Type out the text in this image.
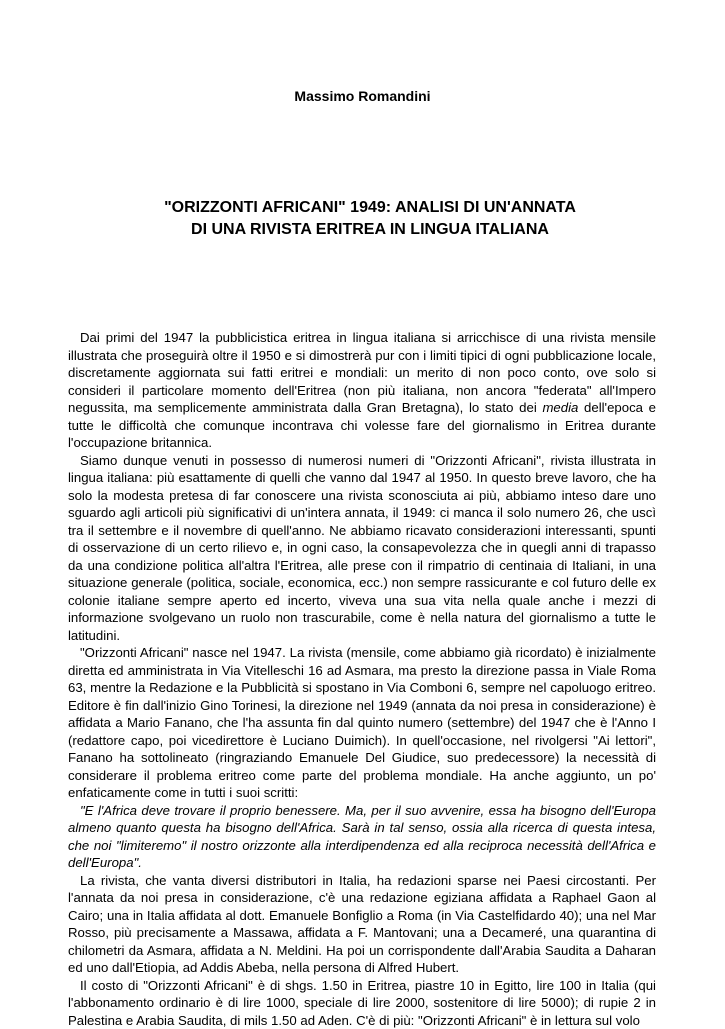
Massimo Romandini
"ORIZZONTI AFRICANI" 1949: ANALISI DI UN'ANNATA
DI UNA RIVISTA ERITREA IN LINGUA ITALIANA

Dai primi del 1947 la pubblicistica eritrea in lingua italiana si arricchisce di una rivista mensile illustrata che proseguirà oltre il 1950 e si dimostrerà pur con i limiti tipici di ogni pubblicazione locale, discretamente aggiornata sui fatti eritrei e mondiali: un merito di non poco conto, ove solo si consideri il particolare momento dell'Eritrea (non più italiana, non ancora "federata" all'Impero negussita, ma semplicemente amministrata dalla Gran Bretagna), lo stato dei media dell'epoca e tutte le difficoltà che comunque incontrava chi volesse fare del giornalismo in Eritrea durante l'occupazione britannica.

Siamo dunque venuti in possesso di numerosi numeri di "Orizzonti Africani", rivista illustrata in lingua italiana: più esattamente di quelli che vanno dal 1947 al 1950. In questo breve lavoro, che ha solo la modesta pretesa di far conoscere una rivista sconosciuta ai più, abbiamo inteso dare uno sguardo agli articoli più significativi di un'intera annata, il 1949: ci manca il solo numero 26, che uscì tra il settembre e il novembre di quell'anno. Ne abbiamo ricavato considerazioni interessanti, spunti di osservazione di un certo rilievo e, in ogni caso, la consapevolezza che in quegli anni di trapasso da una condizione politica all'altra l'Eritrea, alle prese con il rimpatrio di centinaia di Italiani, in una situazione generale (politica, sociale, economica, ecc.) non sempre rassicurante e col futuro delle ex colonie italiane sempre aperto ed incerto, viveva una sua vita nella quale anche i mezzi di informazione svolgevano un ruolo non trascurabile, come è nella natura del giornalismo a tutte le latitudini.

"Orizzonti Africani" nasce nel 1947. La rivista (mensile, come abbiamo già ricordato) è inizialmente diretta ed amministrata in Via Vitelleschi 16 ad Asmara, ma presto la direzione passa in Viale Roma 63, mentre la Redazione e la Pubblicità si spostano in Via Comboni 6, sempre nel capoluogo eritreo. Editore è fin dall'inizio Gino Torinesi, la direzione nel 1949 (annata da noi presa in considerazione) è affidata a Mario Fanano, che l'ha assunta fin dal quinto numero (settembre) del 1947 che è l'Anno I (redattore capo, poi vicedirettore è Luciano Duimich). In quell'occasione, nel rivolgersi "Ai lettori", Fanano ha sottolineato (ringraziando Emanuele Del Giudice, suo predecessore) la necessità di considerare il problema eritreo come parte del problema mondiale. Ha anche aggiunto, un po' enfaticamente come in tutti i suoi scritti:

"E l'Africa deve trovare il proprio benessere. Ma, per il suo avvenire, essa ha bisogno dell'Europa almeno quanto questa ha bisogno dell'Africa. Sarà in tal senso, ossia alla ricerca di questa intesa, che noi "limiteremo" il nostro orizzonte alla interdipendenza ed alla reciproca necessità dell'Africa e dell'Europa".

La rivista, che vanta diversi distributori in Italia, ha redazioni sparse nei Paesi circostanti. Per l'annata da noi presa in considerazione, c'è una redazione egiziana affidata a Raphael Gaon al Cairo; una in Italia affidata al dott. Emanuele Bonfiglio a Roma (in Via Castelfidardo 40); una nel Mar Rosso, più precisamente a Massawa, affidata a F. Mantovani; una a Decameré, una quarantina di chilometri da Asmara, affidata a N. Meldini. Ha poi un corrispondente dall'Arabia Saudita a Daharan ed uno dall'Etiopia, ad Addis Abeba, nella persona di Alfred Hubert.

Il costo di "Orizzonti Africani" è di shgs. 1.50 in Eritrea, piastre 10 in Egitto, lire 100 in Italia (qui l'abbonamento ordinario è di lire 1000, speciale di lire 2000, sostenitore di lire 5000); di rupie 2 in Palestina e Arabia Saudita, di mils 1.50 ad Aden. C'è di più: "Orizzonti Africani" è in lettura sul volo
